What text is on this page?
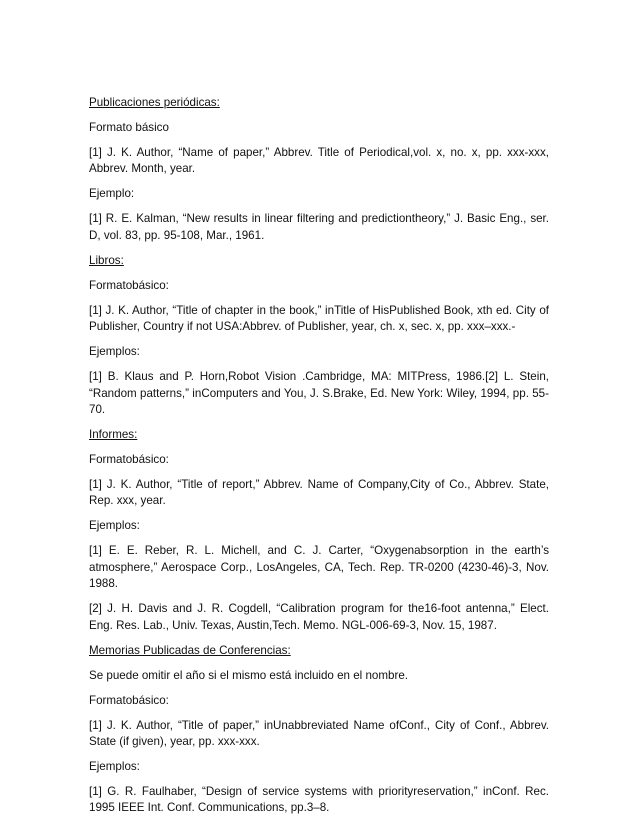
Publicaciones periódicas:

Formato básico

[1] J. K. Author, “Name of paper,” Abbrev. Title of Periodical,vol. x, no. x, pp. xxx-xxx, Abbrev. Month, year.

Ejemplo:

[1] R. E. Kalman, “New results in linear filtering and predictiontheory,” J. Basic Eng., ser. D, vol. 83, pp. 95-108, Mar., 1961.

Libros:

Formatobásico:

[1] J. K. Author, “Title of chapter in the book,” inTitle of HisPublished Book, xth ed. City of Publisher, Country if not USA:Abbrev. of Publisher, year, ch. x, sec. x, pp. xxx–xxx.-

Ejemplos:

[1] B. Klaus and P. Horn,Robot Vision .Cambridge, MA: MITPress, 1986.[2] L. Stein, “Random patterns,” inComputers and You, J. S.Brake, Ed. New York: Wiley, 1994, pp. 55-70.

Informes:

Formatobásico:

[1] J. K. Author, “Title of report,” Abbrev. Name of Company,City of Co., Abbrev. State, Rep. xxx, year.

Ejemplos:

[1] E. E. Reber, R. L. Michell, and C. J. Carter, “Oxygenabsorption in the earth’s atmosphere,” Aerospace Corp., LosAngeles, CA, Tech. Rep. TR-0200 (4230-46)-3, Nov. 1988.

[2] J. H. Davis and J. R. Cogdell, “Calibration program for the16-foot antenna,” Elect. Eng. Res. Lab., Univ. Texas, Austin,Tech. Memo. NGL-006-69-3, Nov. 15, 1987.

Memorias Publicadas de Conferencias:

Se puede omitir el año si el mismo está incluido en el nombre.

Formatobásico:

[1] J. K. Author, “Title of paper,” inUnabbreviated Name ofConf., City of Conf., Abbrev. State (if given), year, pp. xxx-xxx.

Ejemplos:

[1] G. R. Faulhaber, “Design of service systems with priorityreservation,” inConf. Rec. 1995 IEEE Int. Conf. Communications, pp.3–8.
